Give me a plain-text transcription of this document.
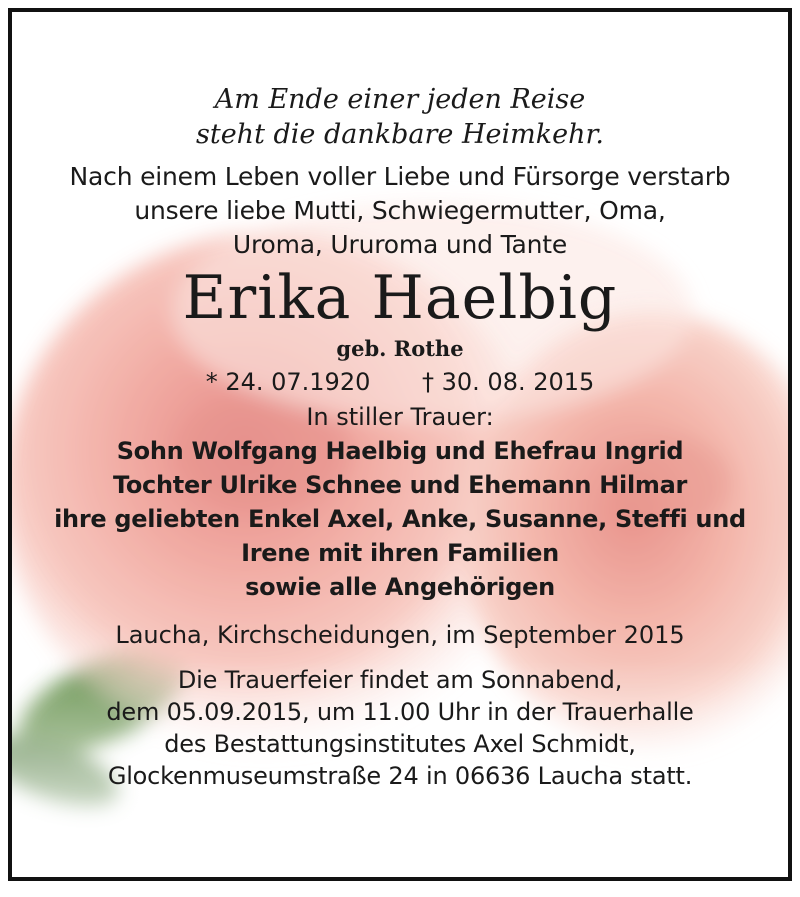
Am Ende einer jeden Reise
steht die dankbare Heimkehr.
Nach einem Leben voller Liebe und Fürsorge verstarb
unsere liebe Mutti, Schwiegermutter, Oma,
Uroma, Ururoma und Tante
Erika Haelbig
geb. Rothe
* 24. 07.1920 † 30. 08. 2015
In stiller Trauer:
Sohn Wolfgang Haelbig und Ehefrau Ingrid
Tochter Ulrike Schnee und Ehemann Hilmar
ihre geliebten Enkel Axel, Anke, Susanne, Steffi und
Irene mit ihren Familien
sowie alle Angehörigen
Laucha, Kirchscheidungen, im September 2015
Die Trauerfeier findet am Sonnabend,
dem 05.09.2015, um 11.00 Uhr in der Trauerhalle
des Bestattungsinstitutes Axel Schmidt,
Glockenmuseumstraße 24 in 06636 Laucha statt.
